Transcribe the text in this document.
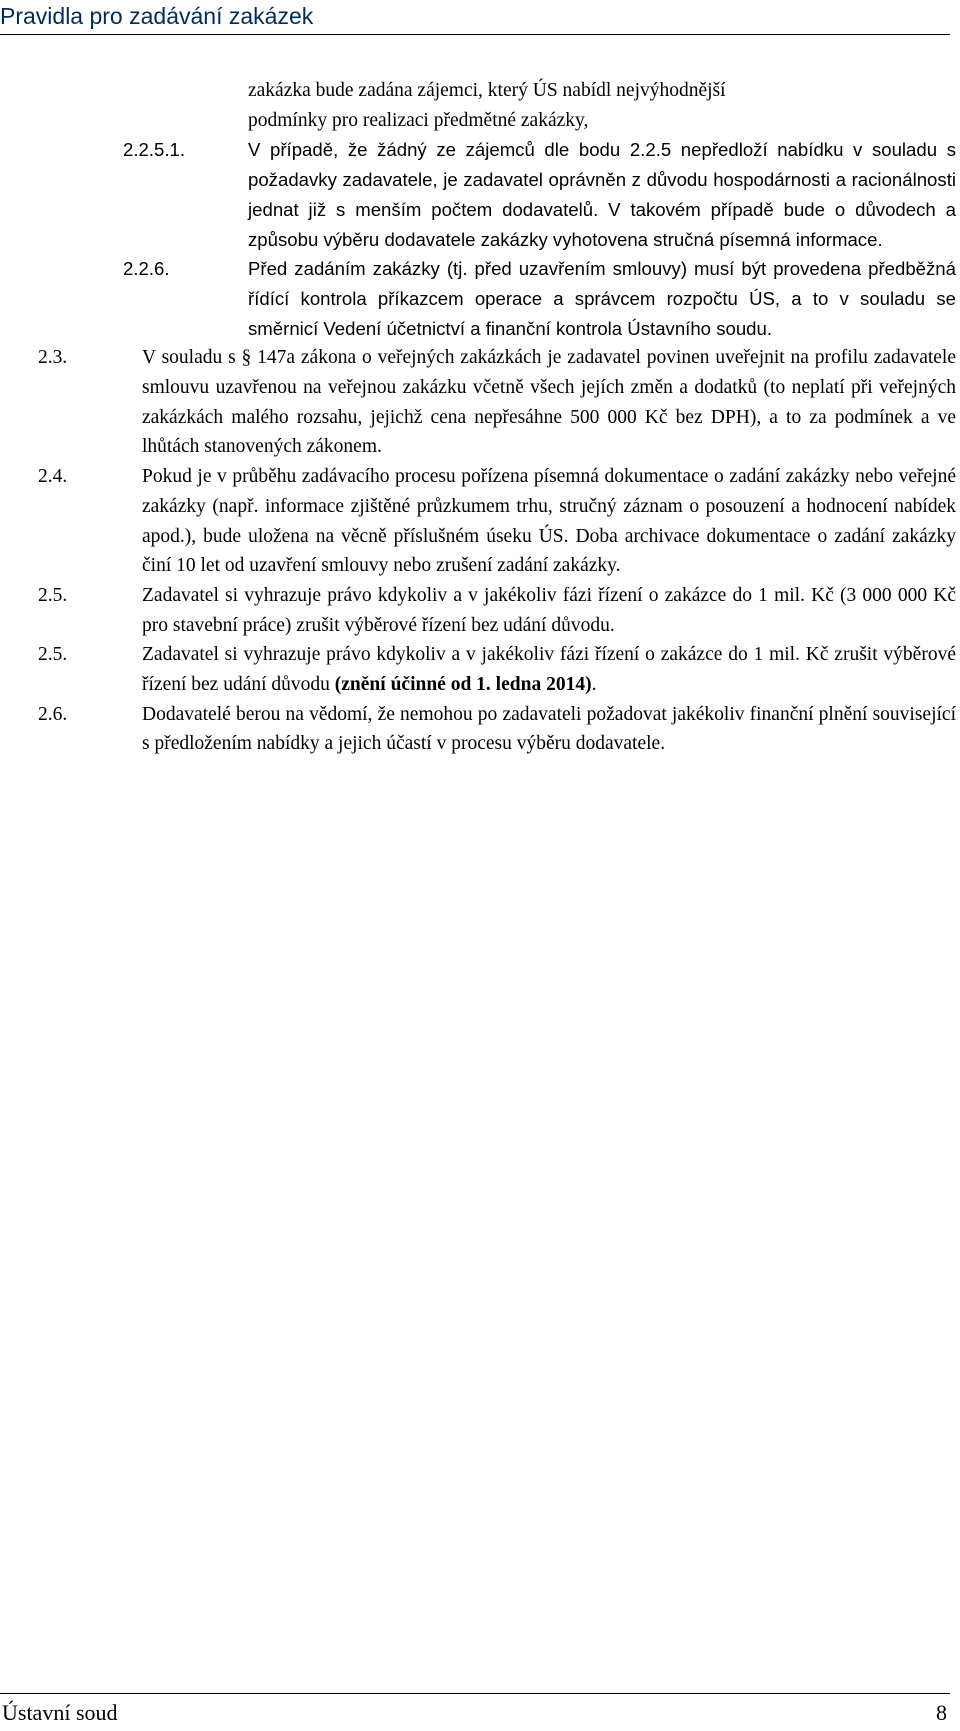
Pravidla pro zadávání zakázek

zakázka bude zadána zájemci, který ÚS nabídl nejvýhodnější
podmínky pro realizaci předmětné zakázky,

2.2.5.1.	V případě, že žádný ze zájemců dle bodu 2.2.5 nepředloží nabídku v souladu s požadavky zadavatele, je zadavatel oprávněn z důvodu hospodárnosti a racionálnosti jednat již s menším počtem dodavatelů. V takovém případě bude o důvodech a způsobu výběru dodavatele zakázky vyhotovena stručná písemná informace.
2.2.6.	Před zadáním zakázky (tj. před uzavřením smlouvy) musí být provedena předběžná řídící kontrola příkazcem operace a správcem rozpočtu ÚS, a to v souladu se směrnicí Vedení účetnictví a finanční kontrola Ústavního soudu.
2.3.	V souladu s § 147a zákona o veřejných zakázkách je zadavatel povinen uveřejnit na profilu zadavatele smlouvu uzavřenou na veřejnou zakázku včetně všech jejích změn a dodatků (to neplatí při veřejných zakázkách malého rozsahu, jejichž cena nepřesáhne 500 000 Kč bez DPH), a to za podmínek a ve lhůtách stanovených zákonem.
2.4.	Pokud je v průběhu zadávacího procesu pořízena písemná dokumentace o zadání zakázky nebo veřejné zakázky (např. informace zjištěné průzkumem trhu, stručný záznam o posouzení a hodnocení nabídek apod.), bude uložena na věcně příslušném úseku ÚS. Doba archivace dokumentace o zadání zakázky činí 10 let od uzavření smlouvy nebo zrušení zadání zakázky.
2.5.	Zadavatel si vyhrazuje právo kdykoliv a v jakékoliv fázi řízení o zakázce do 1 mil. Kč (3 000 000 Kč pro stavební práce) zrušit výběrové řízení bez udání důvodu.
2.5.	Zadavatel si vyhrazuje právo kdykoliv a v jakékoliv fázi řízení o zakázce do 1 mil. Kč zrušit výběrové řízení bez udání důvodu (znění účinné od 1. ledna 2014).
2.6.	Dodavatelé berou na vědomí, že nemohou po zadavateli požadovat jakékoliv finanční plnění související s předložením nabídky a jejich účastí v procesu výběru dodavatele.
Ústavní soud	8
